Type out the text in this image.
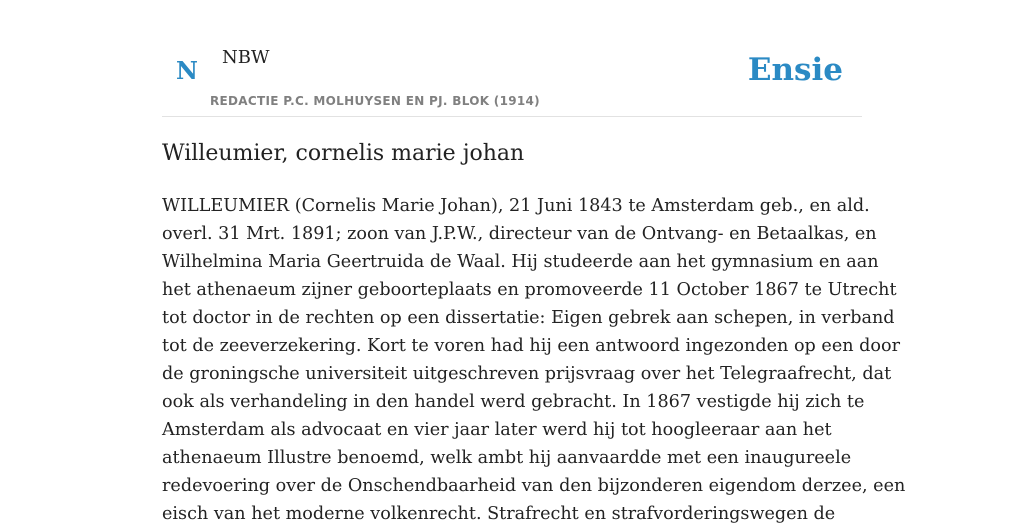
N NBW
REDACTIE P.C. MOLHUYSEN EN PJ. BLOK (1914)
Ensie
Willeumier, cornelis marie johan

WILLEUMIER (Cornelis Marie Johan), 21 Juni 1843 te Amsterdam geb., en ald.
overl. 31 Mrt. 1891; zoon van J.P.W., directeur van de Ontvang- en Betaalkas, en
Wilhelmina Maria Geertruida de Waal. Hij studeerde aan het gymnasium en aan
het athenaeum zijner geboorteplaats en promoveerde 11 October 1867 te Utrecht
tot doctor in de rechten op een dissertatie: Eigen gebrek aan schepen, in verband
tot de zeeverzekering. Kort te voren had hij een antwoord ingezonden op een door
de groningsche universiteit uitgeschreven prijsvraag over het Telegraafrecht, dat
ook als verhandeling in den handel werd gebracht. In 1867 vestigde hij zich te
Amsterdam als advocaat en vier jaar later werd hij tot hoogleeraar aan het
athenaeum Illustre benoemd, welk ambt hij aanvaardde met een inaugureele
redevoering over de Onschendbaarheid van den bijzonderen eigendom derzee, een
eisch van het moderne volkenrecht. Strafrecht en strafvorderingswegen de
